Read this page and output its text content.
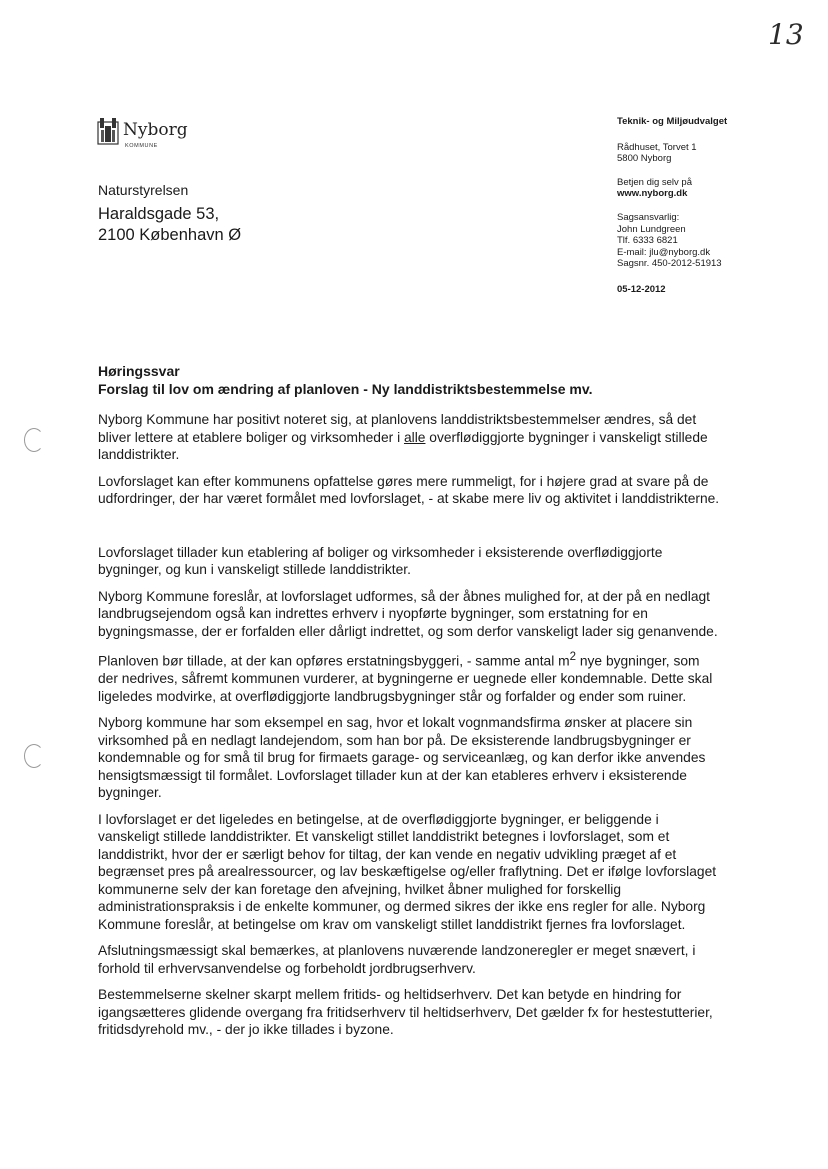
13
Nyborg
KOMMUNE
Naturstyrelsen
Haraldsgade 53,
2100 København Ø
Teknik- og Miljøudvalget
Rådhuset, Torvet 1
5800 Nyborg
Betjen dig selv på
www.nyborg.dk
Sagsansvarlig:
John Lundgreen
Tlf. 6333 6821
E-mail: jlu@nyborg.dk
Sagsnr. 450-2012-51913
05-12-2012
Høringssvar
Forslag til lov om ændring af planloven - Ny landdistriktsbestemmelse mv.

Nyborg Kommune har positivt noteret sig, at planlovens landdistriktsbestemmelser ændres, så det bliver lettere at etablere boliger og virksomheder i alle overflødiggjorte bygninger i vanskeligt stillede landdistrikter.

Lovforslaget kan efter kommunens opfattelse gøres mere rummeligt, for i højere grad at svare på de udfordringer, der har været formålet med lovforslaget, - at skabe mere liv og aktivitet i landdistrikterne.

Lovforslaget tillader kun etablering af boliger og virksomheder i eksisterende overflødiggjorte bygninger, og kun i vanskeligt stillede landdistrikter.

Nyborg Kommune foreslår, at lovforslaget udformes, så der åbnes mulighed for, at der på en nedlagt landbrugsejendom også kan indrettes erhverv i nyopførte bygninger, som erstatning for en bygningsmasse, der er forfalden eller dårligt indrettet, og som derfor vanskeligt lader sig genanvende.

Planloven bør tillade, at der kan opføres erstatningsbyggeri, - samme antal $m^2$ nye bygninger, som der nedrives, såfremt kommunen vurderer, at bygningerne er uegnede eller kondemnable. Dette skal ligeledes modvirke, at overflødiggjorte landbrugsbygninger står og forfalder og ender som ruiner.

Nyborg kommune har som eksempel en sag, hvor et lokalt vognmandsfirma ønsker at placere sin virksomhed på en nedlagt landejendom, som han bor på. De eksisterende landbrugsbygninger er kondemnable og for små til brug for firmaets garage- og serviceanlæg, og kan derfor ikke anvendes hensigtsmæssigt til formålet. Lovforslaget tillader kun at der kan etableres erhverv i eksisterende bygninger.

I lovforslaget er det ligeledes en betingelse, at de overflødiggjorte bygninger, er beliggende i vanskeligt stillede landdistrikter. Et vanskeligt stillet landdistrikt betegnes i lovforslaget, som et landdistrikt, hvor der er særligt behov for tiltag, der kan vende en negativ udvikling præget af et begrænset pres på arealressourcer, og lav beskæftigelse og/eller fraflytning. Det er ifølge lovforslaget kommunerne selv der kan foretage den afvejning, hvilket åbner mulighed for forskellig administrationspraksis i de enkelte kommuner, og dermed sikres der ikke ens regler for alle. Nyborg Kommune foreslår, at betingelse om krav om vanskeligt stillet landdistrikt fjernes fra lovforslaget.

Afslutningsmæssigt skal bemærkes, at planlovens nuværende landzoneregler er meget snævert, i forhold til erhvervsanvendelse og forbeholdt jordbrugserhverv.

Bestemmelserne skelner skarpt mellem fritids- og heltidserhverv. Det kan betyde en hindring for igangsætteres glidende overgang fra fritidserhverv til heltidserhverv, Det gælder fx for hestestutterier, fritidsdyrehold mv., - der jo ikke tillades i byzone.
